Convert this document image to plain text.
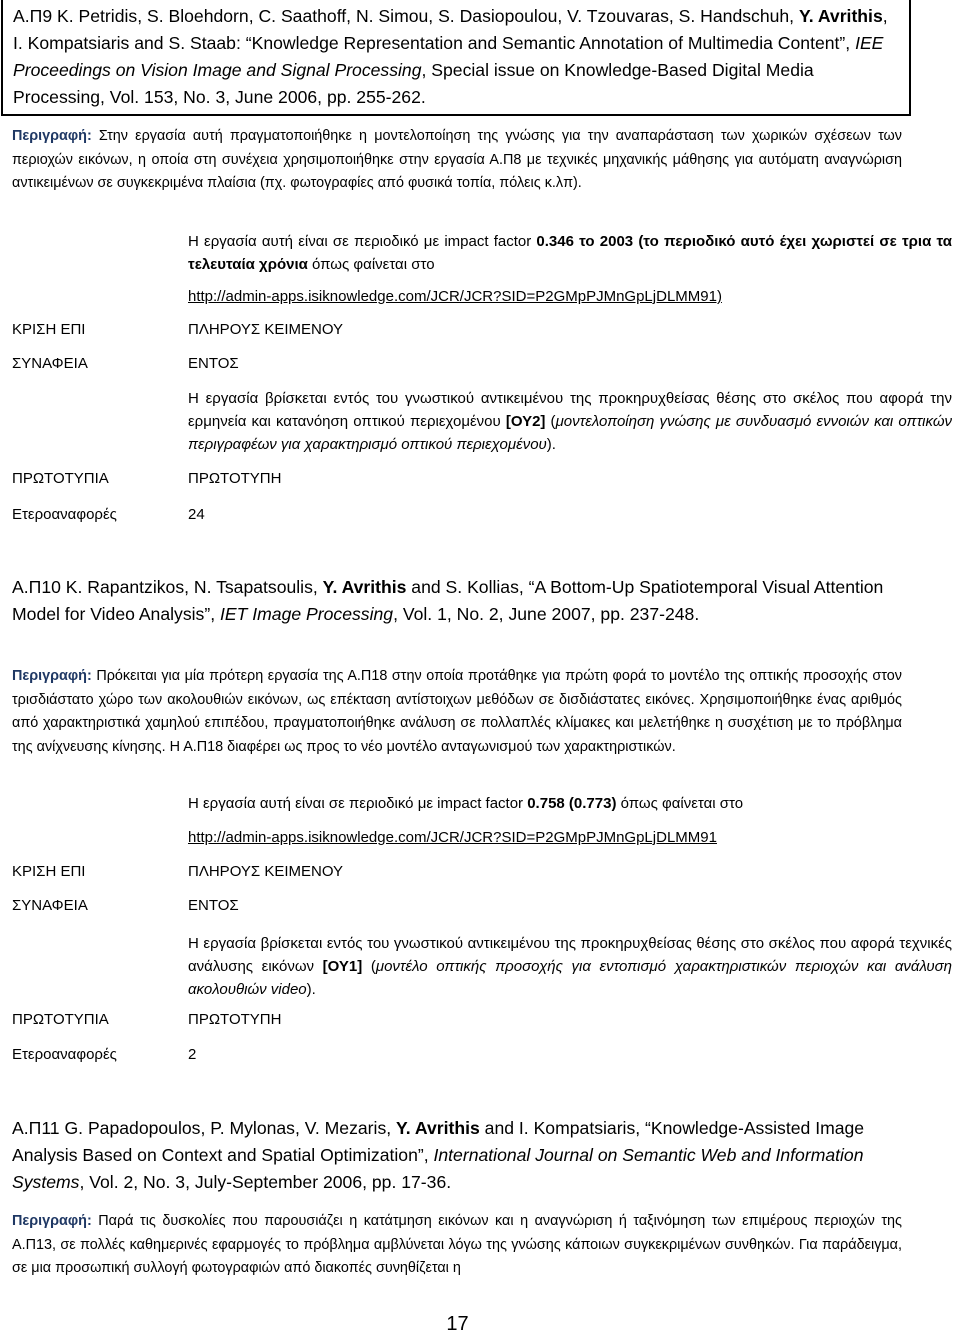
Α.Π9 K. Petridis, S. Bloehdorn, C. Saathoff, N. Simou, S. Dasiopoulou, V. Tzouvaras, S. Handschuh, Y. Avrithis, I. Kompatsiaris and S. Staab: “Knowledge Representation and Semantic Annotation of Multimedia Content”, IEE Proceedings on Vision Image and Signal Processing, Special issue on Knowledge-Based Digital Media Processing, Vol. 153, No. 3, June 2006, pp. 255-262.
Περιγραφή: Στην εργασία αυτή πραγματοποιήθηκε η μοντελοποίηση της γνώσης για την αναπαράσταση των χωρικών σχέσεων των περιοχών εικόνων, η οποία στη συνέχεια χρησιμοποιήθηκε στην εργασία Α.Π8 με τεχνικές μηχανικής μάθησης για αυτόματη αναγνώριση αντικειμένων σε συγκεκριμένα πλαίσια (πχ. φωτογραφίες από φυσικά τοπία, πόλεις κ.λπ).
Η εργασία αυτή είναι σε περιοδικό με impact factor 0.346 το 2003 (το περιοδικό αυτό έχει χωριστεί σε τρια τα τελευταία χρόνια όπως φαίνεται στο
http://admin-apps.isiknowledge.com/JCR/JCR?SID=P2GMpPJMnGpLjDLMM91)
ΚΡΙΣΗ ΕΠΙ	ΠΛΗΡΟΥΣ ΚΕΙΜΕΝΟΥ
ΣΥΝΑΦΕΙΑ	ΕΝΤΟΣ
Η εργασία βρίσκεται εντός του γνωστικού αντικειμένου της προκηρυχθείσας θέσης στο σκέλος που αφορά την ερμηνεία και κατανόηση οπτικού περιεχομένου [ΟΥ2] (μοντελοποίηση γνώσης με συνδυασμό εννοιών και οπτικών περιγραφέων για χαρακτηρισμό οπτικού περιεχομένου).
ΠΡΩΤΟΤΥΠΙΑ	ΠΡΩΤΟΤΥΠΗ
Ετεροαναφορές	24
Α.Π10 K. Rapantzikos, N. Tsapatsoulis, Y. Avrithis and S. Kollias, “A Bottom-Up Spatiotemporal Visual Attention Model for Video Analysis”, IET Image Processing, Vol. 1, No. 2, June 2007, pp. 237-248.
Περιγραφή: Πρόκειται για μία πρότερη εργασία της Α.Π18 στην οποία προτάθηκε για πρώτη φορά το μοντέλο της οπτικής προσοχής στον τρισδιάστατο χώρο των ακολουθιών εικόνων, ως επέκταση αντίστοιχων μεθόδων σε δισδιάστατες εικόνες. Χρησιμοποιήθηκε ένας αριθμός από χαρακτηριστικά χαμηλού επιπέδου, πραγματοποιήθηκε ανάλυση σε πολλαπλές κλίμακες και μελετήθηκε η συσχέτιση με το πρόβλημα της ανίχνευσης κίνησης. Η Α.Π18 διαφέρει ως προς το νέο μοντέλο ανταγωνισμού των χαρακτηριστικών.
Η εργασία αυτή είναι σε περιοδικό με impact factor 0.758 (0.773) όπως φαίνεται στο
http://admin-apps.isiknowledge.com/JCR/JCR?SID=P2GMpPJMnGpLjDLMM91
ΚΡΙΣΗ ΕΠΙ	ΠΛΗΡΟΥΣ ΚΕΙΜΕΝΟΥ
ΣΥΝΑΦΕΙΑ	ΕΝΤΟΣ
Η εργασία βρίσκεται εντός του γνωστικού αντικειμένου της προκηρυχθείσας θέσης στο σκέλος που αφορά τεχνικές ανάλυσης εικόνων [ΟΥ1] (μοντέλο οπτικής προσοχής για εντοπισμό χαρακτηριστικών περιοχών και ανάλυση ακολουθιών video).
ΠΡΩΤΟΤΥΠΙΑ	ΠΡΩΤΟΤΥΠΗ
Ετεροαναφορές	2
Α.Π11 G. Papadopoulos, P. Mylonas, V. Mezaris, Y. Avrithis and I. Kompatsiaris, “Knowledge-Assisted Image Analysis Based on Context and Spatial Optimization”, International Journal on Semantic Web and Information Systems, Vol. 2, No. 3, July-September 2006, pp. 17-36.
Περιγραφή: Παρά τις δυσκολίες που παρουσιάζει η κατάτμηση εικόνων και η αναγνώριση ή ταξινόμηση των επιμέρους περιοχών της Α.Π13, σε πολλές καθημερινές εφαρμογές το πρόβλημα αμβλύνεται λόγω της γνώσης κάποιων συγκεκριμένων συνθηκών. Για παράδειγμα, σε μια προσωπική συλλογή φωτογραφιών από διακοπές συνηθίζεται η
17
